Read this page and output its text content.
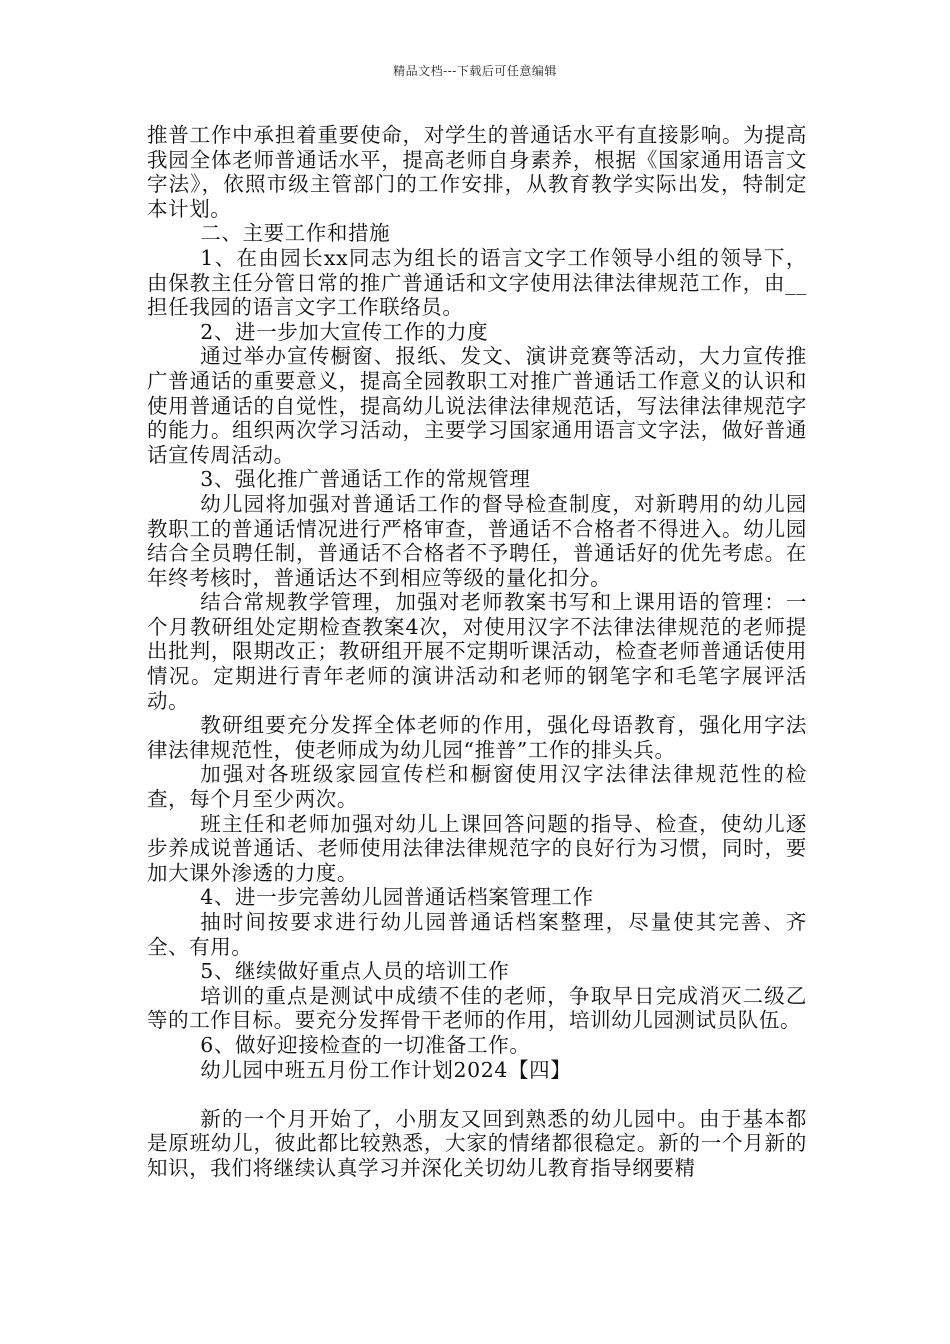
精品文档---下载后可任意编辑

推普工作中承担着重要使命，对学生的普通话水平有直接影响。为提高我园全体老师普通话水平，提高老师自身素养，根据《国家通用语言文字法》，依照市级主管部门的工作安排，从教育教学实际出发，特制定本计划。

二、主要工作和措施

1、在由园长xx同志为组长的语言文字工作领导小组的领导下，由保教主任分管日常的推广普通话和文字使用法律法律规范工作，由__担任我园的语言文字工作联络员。

2、进一步加大宣传工作的力度

通过举办宣传橱窗、报纸、发文、演讲竞赛等活动，大力宣传推广普通话的重要意义，提高全园教职工对推广普通话工作意义的认识和使用普通话的自觉性，提高幼儿说法律法律规范话，写法律法律规范字的能力。组织两次学习活动，主要学习国家通用语言文字法，做好普通话宣传周活动。

3、强化推广普通话工作的常规管理

幼儿园将加强对普通话工作的督导检查制度，对新聘用的幼儿园教职工的普通话情况进行严格审查，普通话不合格者不得进入。幼儿园结合全员聘任制，普通话不合格者不予聘任，普通话好的优先考虑。在年终考核时，普通话达不到相应等级的量化扣分。

结合常规教学管理，加强对老师教案书写和上课用语的管理：一个月教研组处定期检查教案4次，对使用汉字不法律法律规范的老师提出批判，限期改正；教研组开展不定期听课活动，检查老师普通话使用情况。定期进行青年老师的演讲活动和老师的钢笔字和毛笔字展评活动。

教研组要充分发挥全体老师的作用，强化母语教育，强化用字法律法律规范性，使老师成为幼儿园“推普”工作的排头兵。

加强对各班级家园宣传栏和橱窗使用汉字法律法律规范性的检查，每个月至少两次。

班主任和老师加强对幼儿上课回答问题的指导、检查，使幼儿逐步养成说普通话、老师使用法律法律规范字的良好行为习惯，同时，要加大课外渗透的力度。

4、进一步完善幼儿园普通话档案管理工作

抽时间按要求进行幼儿园普通话档案整理，尽量使其完善、齐全、有用。

5、继续做好重点人员的培训工作

培训的重点是测试中成绩不佳的老师，争取早日完成消灭二级乙等的工作目标。要充分发挥骨干老师的作用，培训幼儿园测试员队伍。

6、做好迎接检查的一切准备工作。

幼儿园中班五月份工作计划2024【四】

新的一个月开始了，小朋友又回到熟悉的幼儿园中。由于基本都是原班幼儿，彼此都比较熟悉，大家的情绪都很稳定。新的一个月新的知识，我们将继续认真学习并深化关切幼儿教育指导纲要精
